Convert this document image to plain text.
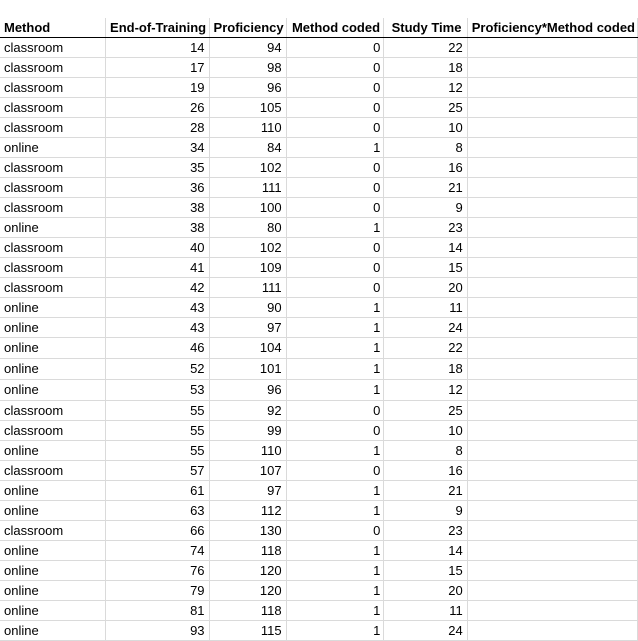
Method	End-of-Training	Proficiency	Method coded	Study Time	Proficiency*Method coded
classroom	14	94	0	22	
classroom	17	98	0	18	
classroom	19	96	0	12	
classroom	26	105	0	25	
classroom	28	110	0	10	
online	34	84	1	8	
classroom	35	102	0	16	
classroom	36	111	0	21	
classroom	38	100	0	9	
online	38	80	1	23	
classroom	40	102	0	14	
classroom	41	109	0	15	
classroom	42	111	0	20	
online	43	90	1	11	
online	43	97	1	24	
online	46	104	1	22	
online	52	101	1	18	
online	53	96	1	12	
classroom	55	92	0	25	
classroom	55	99	0	10	
online	55	110	1	8	
classroom	57	107	0	16	
online	61	97	1	21	
online	63	112	1	9	
classroom	66	130	0	23	
online	74	118	1	14	
online	76	120	1	15	
online	79	120	1	20	
online	81	118	1	11	
online	93	115	1	24	
